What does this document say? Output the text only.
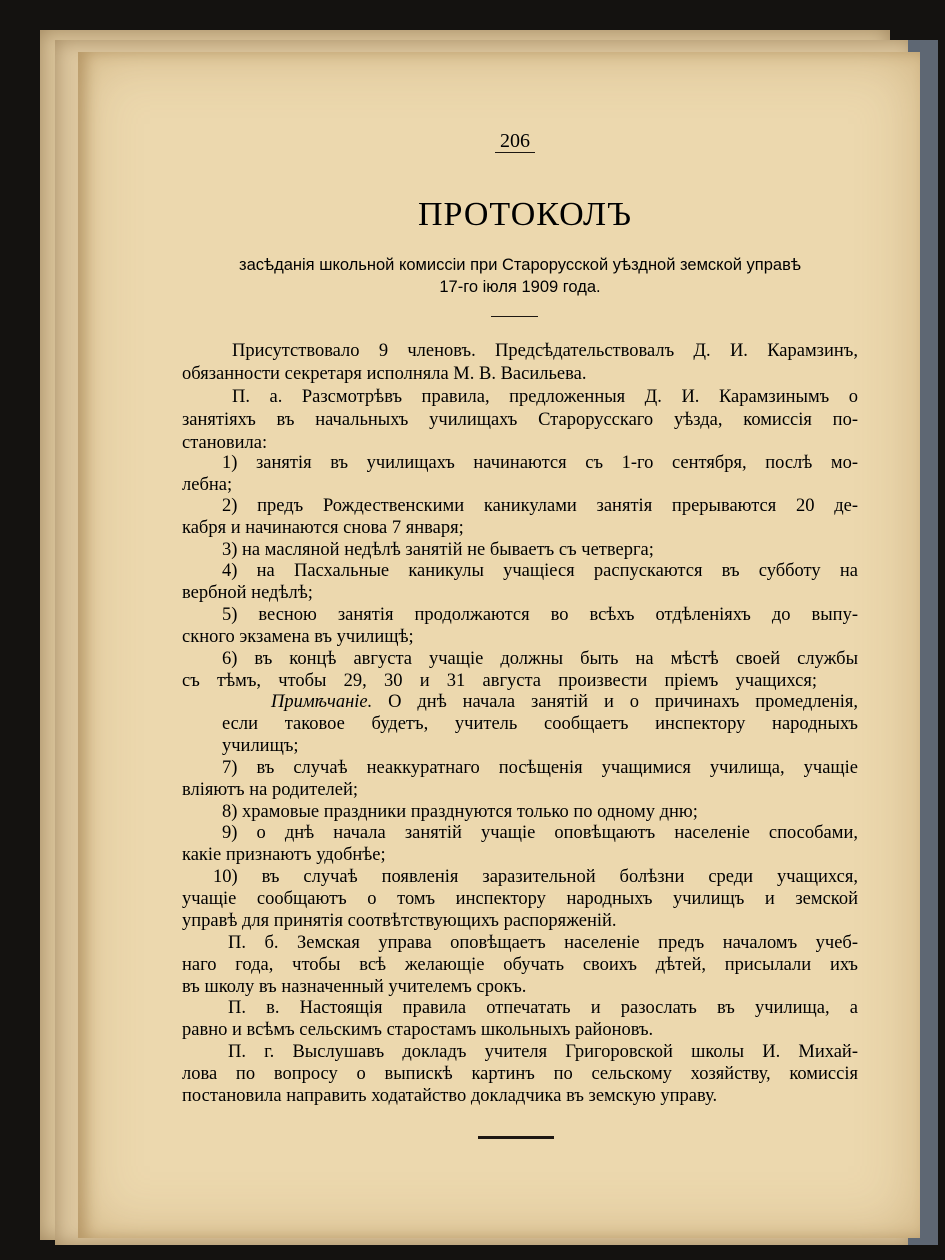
206
ПРОТОКОЛЪ
засѣданія школьной комиссіи при Старорусской уѣздной земской управѣ
17-го іюля 1909 года.
Присутствовало 9 членовъ. Предсѣдательствовалъ Д. И. Карамзинъ,
обязанности секретаря исполняла М. В. Васильева.
П. а. Разсмотрѣвъ правила, предложенныя Д. И. Карамзинымъ о
занятіяхъ въ начальныхъ училищахъ Старорусскаго уѣзда, комиссія по-
становила:
1) занятія въ училищахъ начинаются съ 1-го сентября, послѣ мо-
лебна;
2) предъ Рождественскими каникулами занятія прерываются 20 де-
кабря и начинаются снова 7 января;
3) на масляной недѣлѣ занятій не бываетъ съ четверга;
4) на Пасхальные каникулы учащіеся распускаются въ субботу на
вербной недѣлѣ;
5) весною занятія продолжаются во всѣхъ отдѣленіяхъ до выпу-
скного экзамена въ училищѣ;
6) въ концѣ августа учащіе должны быть на мѣстѣ своей службы
съ тѣмъ, чтобы 29, 30 и 31 августа произвести пріемъ учащихся;
Примѣчаніе. О днѣ начала занятій и о причинахъ промедленія,
если таковое будетъ, учитель сообщаетъ инспектору народныхъ
училищъ;
7) въ случаѣ неаккуратнаго посѣщенія учащимися училища, учащіе
вліяютъ на родителей;
8) храмовые праздники празднуются только по одному дню;
9) о днѣ начала занятій учащіе оповѣщаютъ населеніе способами,
какіе признаютъ удобнѣе;
10) въ случаѣ появленія заразительной болѣзни среди учащихся,
учащіе сообщаютъ о томъ инспектору народныхъ училищъ и земской
управѣ для принятія соотвѣтствующихъ распоряженій.
П. б. Земская управа оповѣщаетъ населеніе предъ началомъ учеб-
наго года, чтобы всѣ желающіе обучать своихъ дѣтей, присылали ихъ
въ школу въ назначенный учителемъ срокъ.
П. в. Настоящія правила отпечатать и разослать въ училища, а
равно и всѣмъ сельскимъ старостамъ школьныхъ районовъ.
П. г. Выслушавъ докладъ учителя Григоровской школы И. Михай-
лова по вопросу о выпискѣ картинъ по сельскому хозяйству, комиссія
постановила направить ходатайство докладчика въ земскую управу.
